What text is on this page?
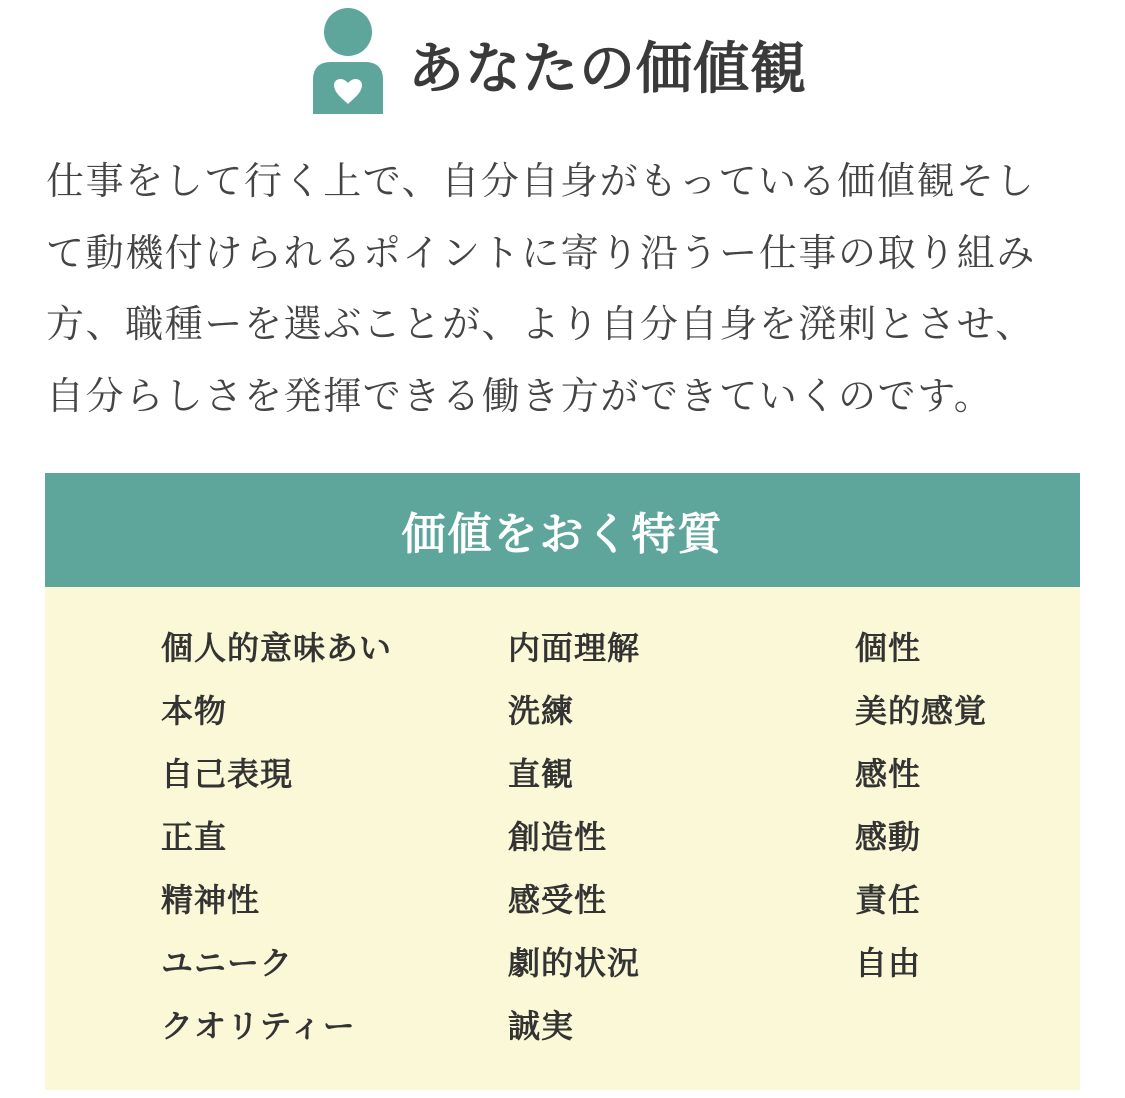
あなたの価値観
仕事をして行く上で、自分自身がもっている価値観そし
て動機付けられるポイントに寄り沿うー仕事の取り組み
方、職種ーを選ぶことが、より自分自身を溌剌とさせ、
自分らしさを発揮できる働き方ができていくのです。
価値をおく特質
個人的意味あい
本物
自己表現
正直
精神性
ユニーク
クオリティー
内面理解
洗練
直観
創造性
感受性
劇的状況
誠実
個性
美的感覚
感性
感動
責任
自由
